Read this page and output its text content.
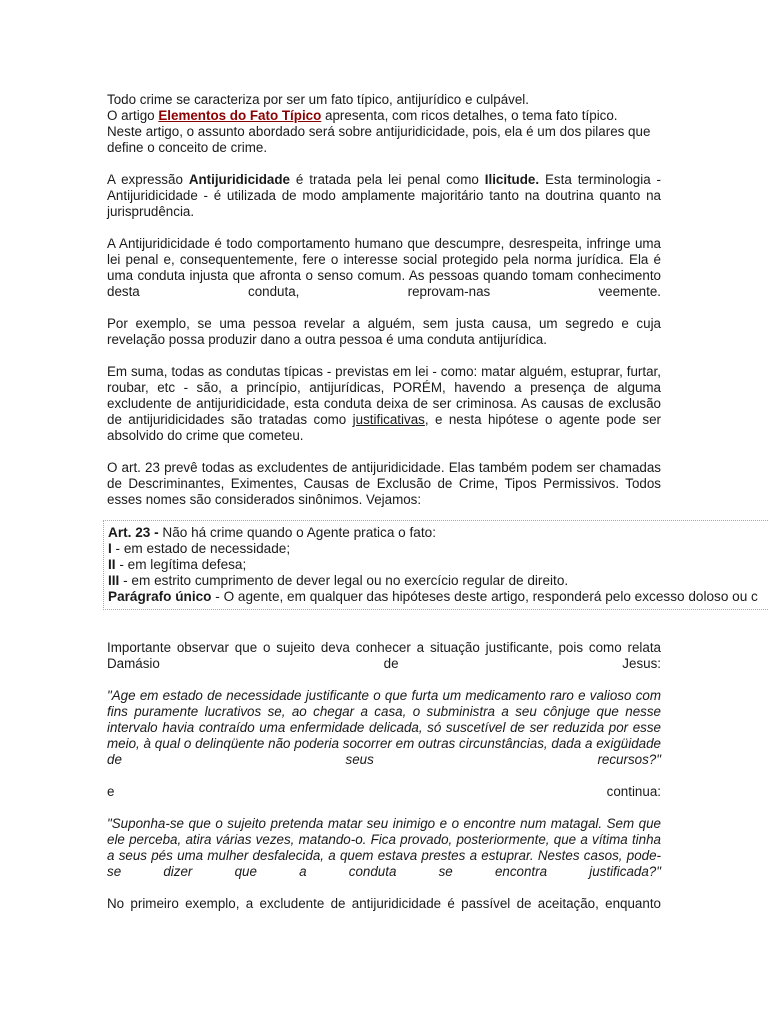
Todo crime se caracteriza por ser um fato típico, antijurídico e culpável.
O artigo Elementos do Fato Típico apresenta, com ricos detalhes, o tema fato típico.
Neste artigo, o assunto abordado será sobre antijuridicidade, pois, ela é um dos pilares que define o conceito de crime.

A expressão Antijuridicidade é tratada pela lei penal como Ilicitude. Esta terminologia - Antijuridicidade - é utilizada de modo amplamente majoritário tanto na doutrina quanto na jurisprudência.

A Antijuridicidade é todo comportamento humano que descumpre, desrespeita, infringe uma lei penal e, consequentemente, fere o interesse social protegido pela norma jurídica. Ela é uma conduta injusta que afronta o senso comum. As pessoas quando tomam conhecimento desta conduta, reprovam-nas veemente.

Por exemplo, se uma pessoa revelar a alguém, sem justa causa, um segredo e cuja revelação possa produzir dano a outra pessoa é uma conduta antijurídica.

Em suma, todas as condutas típicas - previstas em lei - como: matar alguém, estuprar, furtar, roubar, etc - são, a princípio, antijurídicas, PORÉM, havendo a presença de alguma excludente de antijuridicidade, esta conduta deixa de ser criminosa. As causas de exclusão de antijuridicidades são tratadas como justificativas, e nesta hipótese o agente pode ser absolvido do crime que cometeu.

O art. 23 prevê todas as excludentes de antijuridicidade. Elas também podem ser chamadas de Descriminantes, Eximentes, Causas de Exclusão de Crime, Tipos Permissivos. Todos esses nomes são considerados sinônimos. Vejamos:

Art. 23 - Não há crime quando o Agente pratica o fato:
I - em estado de necessidade;
II - em legítima defesa;
III - em estrito cumprimento de dever legal ou no exercício regular de direito.
Parágrafo único - O agente, em qualquer das hipóteses deste artigo, responderá pelo excesso doloso ou c

Importante observar que o sujeito deva conhecer a situação justificante, pois como relata Damásio de Jesus:

"Age em estado de necessidade justificante o que furta um medicamento raro e valioso com fins puramente lucrativos se, ao chegar a casa, o subministra a seu cônjuge que nesse intervalo havia contraído uma enfermidade delicada, só suscetível de ser reduzida por esse meio, à qual o delinqüente não poderia socorrer em outras circunstâncias, dada a exigüidade de seus recursos?"

e continua:

"Suponha-se que o sujeito pretenda matar seu inimigo e o encontre num matagal. Sem que ele perceba, atira várias vezes, matando-o. Fica provado, posteriormente, que a vítima tinha a seus pés uma mulher desfalecida, a quem estava prestes a estuprar. Nestes casos, pode-se dizer que a conduta se encontra justificada?"

No primeiro exemplo, a excludente de antijuridicidade é passível de aceitação, enquanto
